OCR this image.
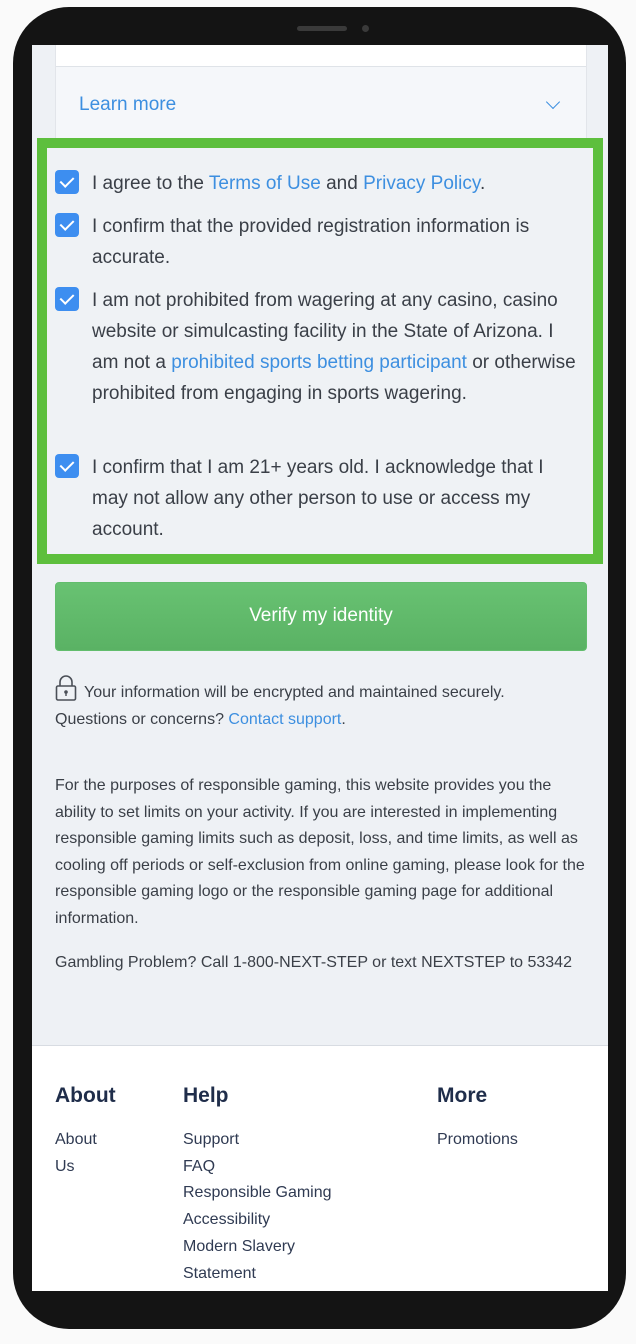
Learn more
I agree to the Terms of Use and Privacy Policy.
I confirm that the provided registration information is accurate.
I am not prohibited from wagering at any casino, casino website or simulcasting facility in the State of Arizona. I am not a prohibited sports betting participant or otherwise prohibited from engaging in sports wagering.
I confirm that I am 21+ years old. I acknowledge that I may not allow any other person to use or access my account.
Verify my identity
Your information will be encrypted and maintained securely.
Questions or concerns? Contact support.
For the purposes of responsible gaming, this website provides you the ability to set limits on your activity. If you are interested in implementing responsible gaming limits such as deposit, loss, and time limits, as well as cooling off periods or self-exclusion from online gaming, please look for the responsible gaming logo or the responsible gaming page for additional information.
Gambling Problem? Call 1-800-NEXT-STEP or text NEXTSTEP to 53342
About
About
Us
Help
Support
FAQ
Responsible Gaming
Accessibility
Modern Slavery
Statement
More
Promotions
